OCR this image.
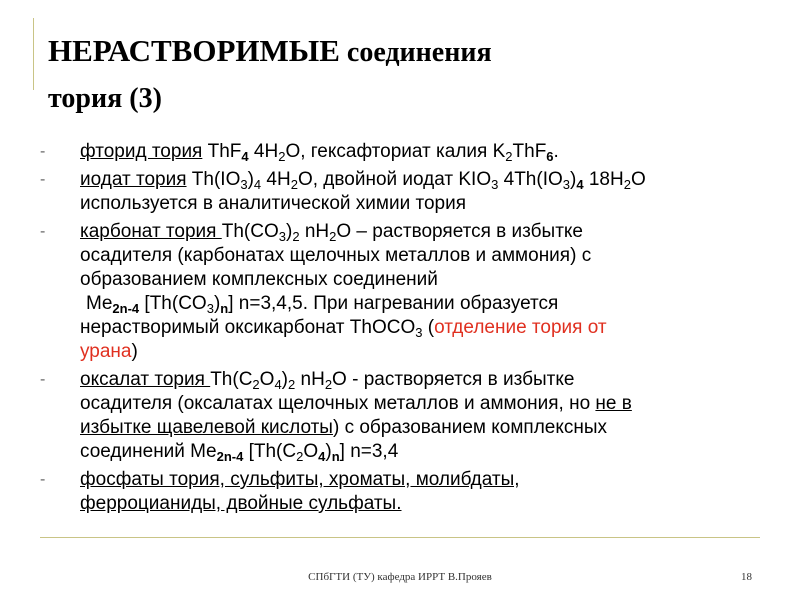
НЕРАСТВОРИМЫЕ соединения
тория (3)
-	фторид тория ThF$_4$ $4H_2O$, гексафториат калия $K_2ThF_6$.
-	иодат тория $Th(IO_3)_4$ $4H_2O$, двойной иодат $KIO_3$ $4Th(IO_3)_4$ $18H_2O$
используется в аналитической химии тория
-	карбонат тория $Th(CO_3)_2$ $nH_2O$ – растворяется в избытке
осадителя (карбонатах щелочных металлов и аммония) с
образованием комплексных соединений
$Me_{2n-4}$ $[Th(CO_3)_n]$ n=3,4,5. При нагревании образуется
нерастворимый оксикарбонат ThOCO$_3$ (отделение тория от
урана)
-	оксалат тория $Th(C_2O_4)_2$ $nH_2O$ - растворяется в избытке
осадителя (оксалатах щелочных металлов и аммония, но не в
избытке щавелевой кислоты) с образованием комплексных
соединений $Me_{2n-4}$ $[Th(C_2O_4)_n]$ n=3,4
-	фосфаты тория, сульфиты, хроматы, молибдаты,
ферроцианиды, двойные сульфаты.
СПбГТИ (ТУ) кафедра ИРРТ В.Прояев	18
